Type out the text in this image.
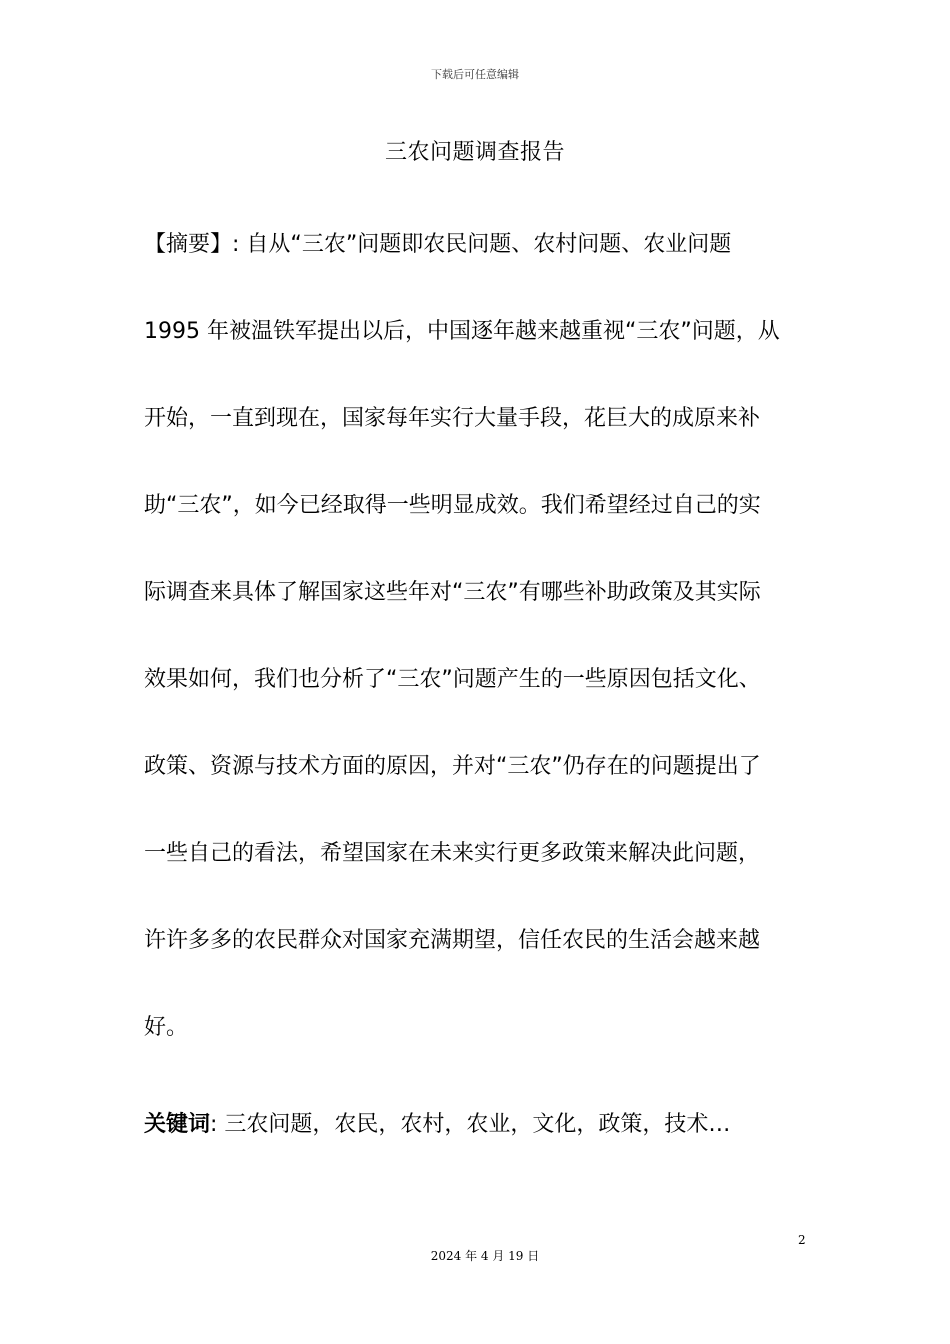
下载后可任意编辑
三农问题调查报告
【摘要】: 自从“三农”问题即农民问题、农村问题、农业问题
1995 年被温铁军提出以后，中国逐年越来越重视“三农”问题，从
开始，一直到现在，国家每年实行大量手段，花巨大的成原来补
助“三农”，如今已经取得一些明显成效。我们希望经过自己的实
际调查来具体了解国家这些年对“三农”有哪些补助政策及其实际
效果如何，我们也分析了“三农”问题产生的一些原因包括文化、
政策、资源与技术方面的原因，并对“三农”仍存在的问题提出了
一些自己的看法，希望国家在未来实行更多政策来解决此问题，
许许多多的农民群众对国家充满期望，信任农民的生活会越来越
好。
关键词: 三农问题，农民，农村，农业，文化，政策，技术…
2
2024 年 4 月 19 日
